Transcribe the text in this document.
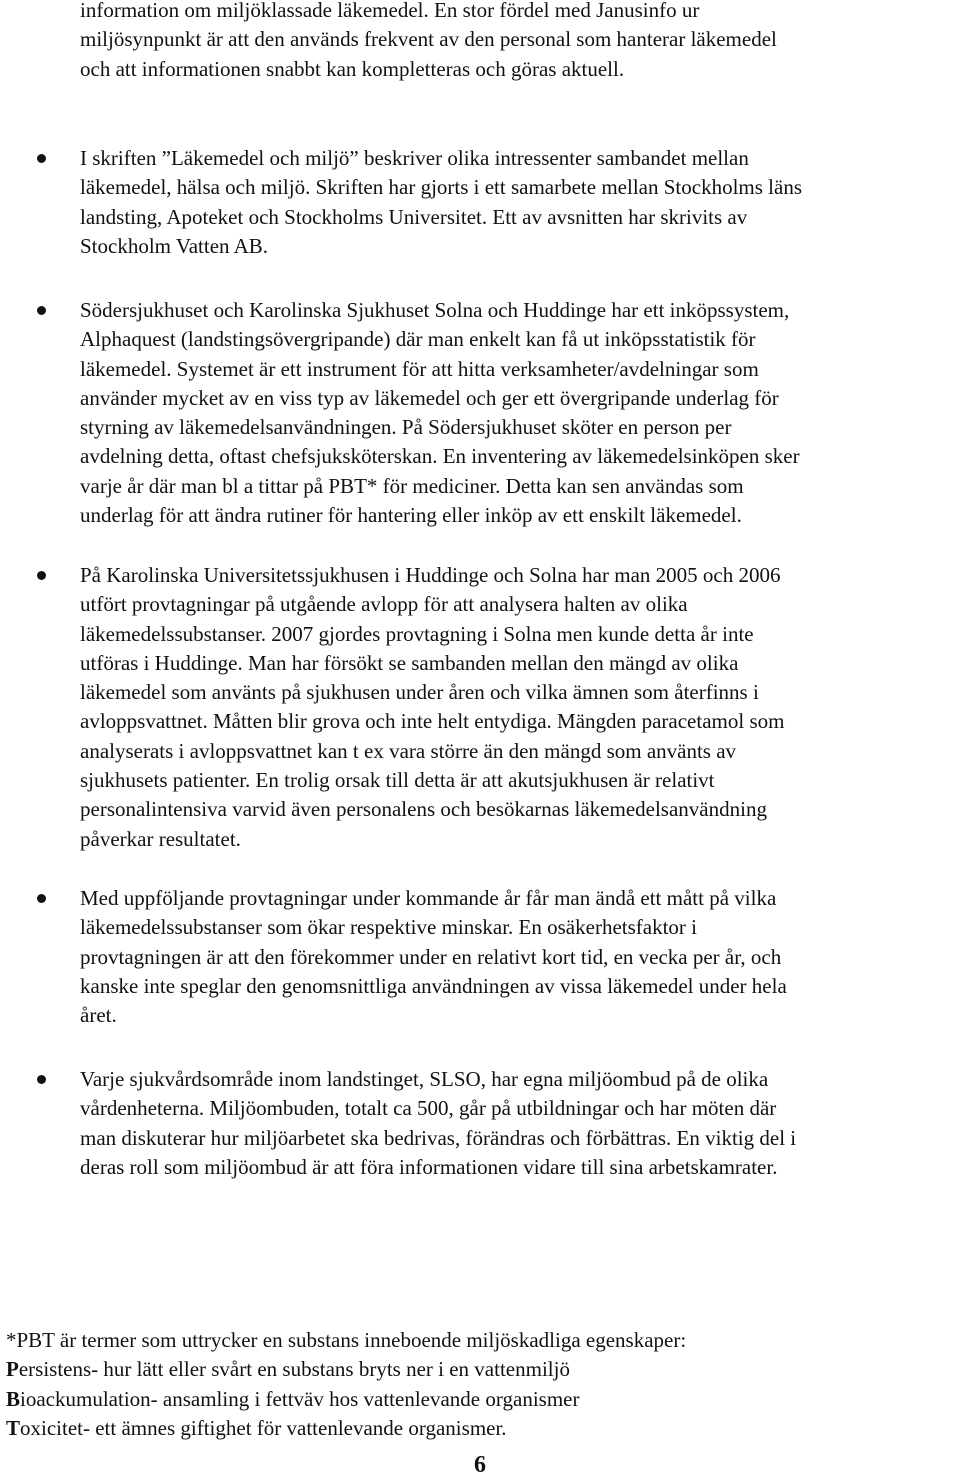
information om miljöklassade läkemedel. En stor fördel med Janusinfo ur
miljösynpunkt är att den används frekvent av den personal som hanterar läkemedel
och att informationen snabbt kan kompletteras och göras aktuell.

I skriften ”Läkemedel och miljö” beskriver olika intressenter sambandet mellan
läkemedel, hälsa och miljö. Skriften har gjorts i ett samarbete mellan Stockholms läns
landsting, Apoteket och Stockholms Universitet. Ett av avsnitten har skrivits av
Stockholm Vatten AB.

Södersjukhuset och Karolinska Sjukhuset Solna och Huddinge har ett inköpssystem,
Alphaquest (landstingsövergripande) där man enkelt kan få ut inköpsstatistik för
läkemedel. Systemet är ett instrument för att hitta verksamheter/avdelningar som
använder mycket av en viss typ av läkemedel och ger ett övergripande underlag för
styrning av läkemedelsanvändningen. På Södersjukhuset sköter en person per
avdelning detta, oftast chefsjuksköterskan. En inventering av läkemedelsinköpen sker
varje år där man bl a tittar på PBT* för mediciner. Detta kan sen användas som
underlag för att ändra rutiner för hantering eller inköp av ett enskilt läkemedel.

På Karolinska Universitetssjukhusen i Huddinge och Solna har man 2005 och 2006
utfört provtagningar på utgående avlopp för att analysera halten av olika
läkemedelssubstanser. 2007 gjordes provtagning i Solna men kunde detta år inte
utföras i Huddinge. Man har försökt se sambanden mellan den mängd av olika
läkemedel som använts på sjukhusen under åren och vilka ämnen som återfinns i
avloppsvattnet. Måtten blir grova och inte helt entydiga. Mängden paracetamol som
analyserats i avloppsvattnet kan t ex vara större än den mängd som använts av
sjukhusets patienter. En trolig orsak till detta är att akutsjukhusen är relativt
personalintensiva varvid även personalens och besökarnas läkemedelsanvändning
påverkar resultatet.

Med uppföljande provtagningar under kommande år får man ändå ett mått på vilka
läkemedelssubstanser som ökar respektive minskar. En osäkerhetsfaktor i
provtagningen är att den förekommer under en relativt kort tid, en vecka per år, och
kanske inte speglar den genomsnittliga användningen av vissa läkemedel under hela
året.

Varje sjukvårdsområde inom landstinget, SLSO, har egna miljöombud på de olika
vårdenheterna. Miljöombuden, totalt ca 500, går på utbildningar och har möten där
man diskuterar hur miljöarbetet ska bedrivas, förändras och förbättras. En viktig del i
deras roll som miljöombud är att föra informationen vidare till sina arbetskamrater.

*PBT är termer som uttrycker en substans inneboende miljöskadliga egenskaper:
Persistens- hur lätt eller svårt en substans bryts ner i en vattenmiljö
Bioackumulation- ansamling i fettväv hos vattenlevande organismer
Toxicitet- ett ämnes giftighet för vattenlevande organismer.
6
